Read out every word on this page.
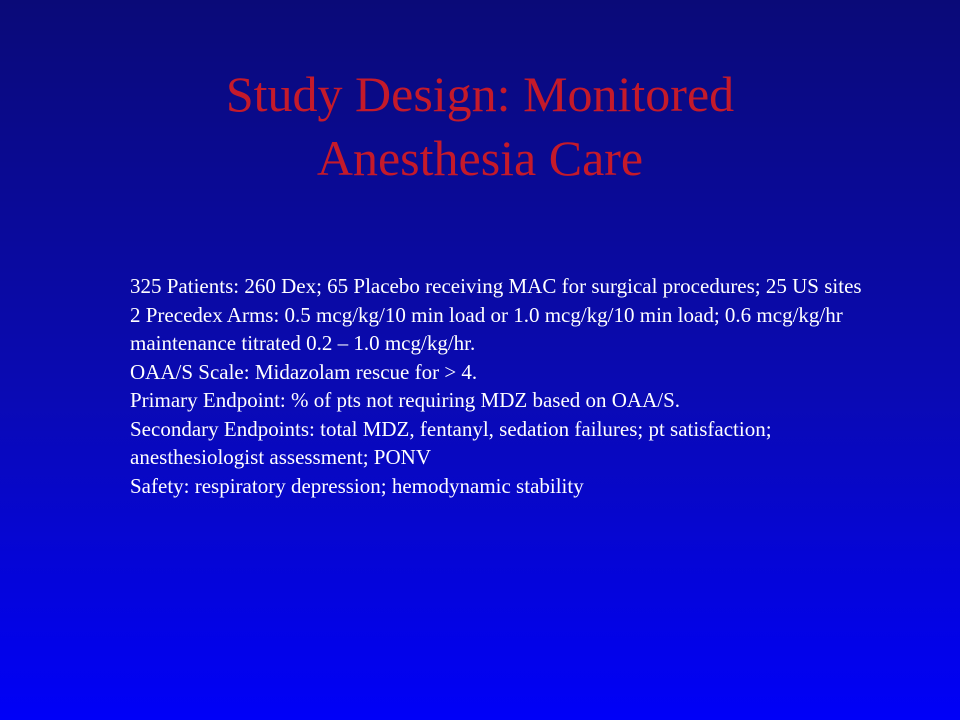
Study Design: Monitored
Anesthesia Care
325 Patients: 260 Dex; 65 Placebo receiving MAC for surgical procedures; 25 US sites
2 Precedex Arms: 0.5 mcg/kg/10 min load or 1.0 mcg/kg/10 min load; 0.6 mcg/kg/hr maintenance titrated 0.2 – 1.0 mcg/kg/hr.
OAA/S Scale: Midazolam rescue for > 4.
Primary Endpoint: % of pts not requiring MDZ based on OAA/S.
Secondary Endpoints: total MDZ, fentanyl, sedation failures; pt satisfaction; anesthesiologist assessment; PONV
Safety: respiratory depression; hemodynamic stability
